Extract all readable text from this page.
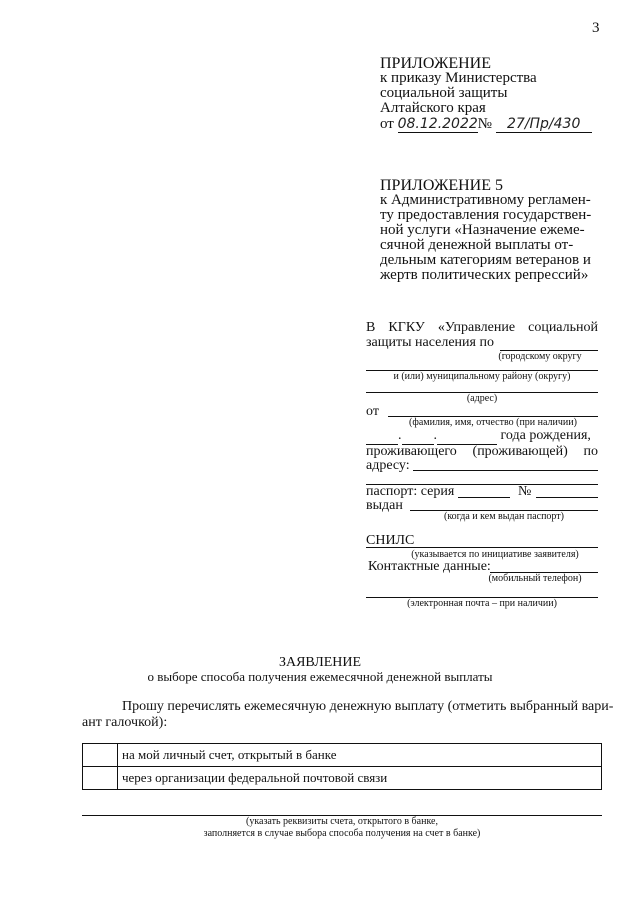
3
ПРИЛОЖЕНИЕ
к приказу Министерства
социальной защиты
Алтайского края
от 08.12.2022№ 27/Пр/430
ПРИЛОЖЕНИЕ 5
к Административному регламен-
ту предоставления государствен-
ной услуги «Назначение ежеме-
сячной денежной выплаты от-
дельным категориям ветеранов и
жертв политических репрессий»
В КГКУ «Управление социальной
защиты населения по
(городскому округу
и (или) муниципальному району (округу)
(адрес)
от
(фамилия, имя, отчество (при наличии)
. .	года рождения,
проживающего (проживающей) по
адресу:
паспорт: серия	№
выдан
(когда и кем выдан паспорт)
СНИЛС
(указывается по инициативе заявителя)
Контактные данные:
(мобильный телефон)
(электронная почта – при наличии)
ЗАЯВЛЕНИЕ
о выборе способа получения ежемесячной денежной выплаты
Прошу перечислять ежемесячную денежную выплату (отметить выбранный вари-
ант галочкой):
	на мой личный счет, открытый в банке
	через организации федеральной почтовой связи
(указать реквизиты счета, открытого в банке,
заполняется в случае выбора способа получения на счет в банке)
